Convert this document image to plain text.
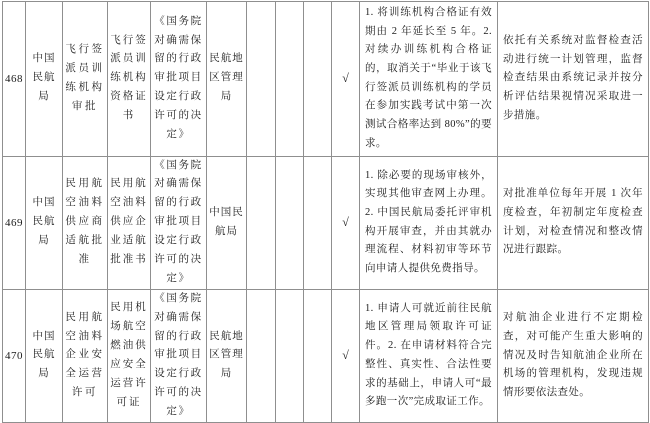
468	中国民航局	飞行签派员训练机构审批	飞行签派员训练机构资格证书	《国务院对确需保留的行政审批项目设定行政许可的决定》	民航地区管理局				√	1. 将训练机构合格证有效期由 2 年延长至 5 年。2. 对续办训练机构合格证的，取消关于“毕业于该飞行签派员训练机构的学员在参加实践考试中第一次测试合格率达到 80%”的要求。	依托有关系统对监督检查活动进行统一计划管理，监督检查结果由系统记录并按分析评估结果视情况采取进一步措施。
469	中国民航局	民用航空油料供应商适航批准	民用航空油料供应企业适航批准书	《国务院对确需保留的行政审批项目设定行政许可的决定》	中国民航局				√	1. 除必要的现场审核外，实现其他审查网上办理。2. 中国民航局委托评审机构开展审查，并由其就办理流程、材料初审等环节向申请人提供免费指导。	对批准单位每年开展 1 次年度检查，年初制定年度检查计划，对检查情况和整改情况进行跟踪。
470	中国民航局	民用航空油料企业安全运营许可	民用机场航空燃油供应安全运营许可证	《国务院对确需保留的行政审批项目设定行政许可的决定》	民航地区管理局				√	1. 申请人可就近前往民航地区管理局领取许可证件。2. 在申请材料符合完整性、真实性、合法性要求的基础上，申请人可“最多跑一次”完成取证工作。	对航油企业进行不定期检查，对可能产生重大影响的情况及时告知航油企业所在机场的管理机构，发现违规情形要依法查处。
